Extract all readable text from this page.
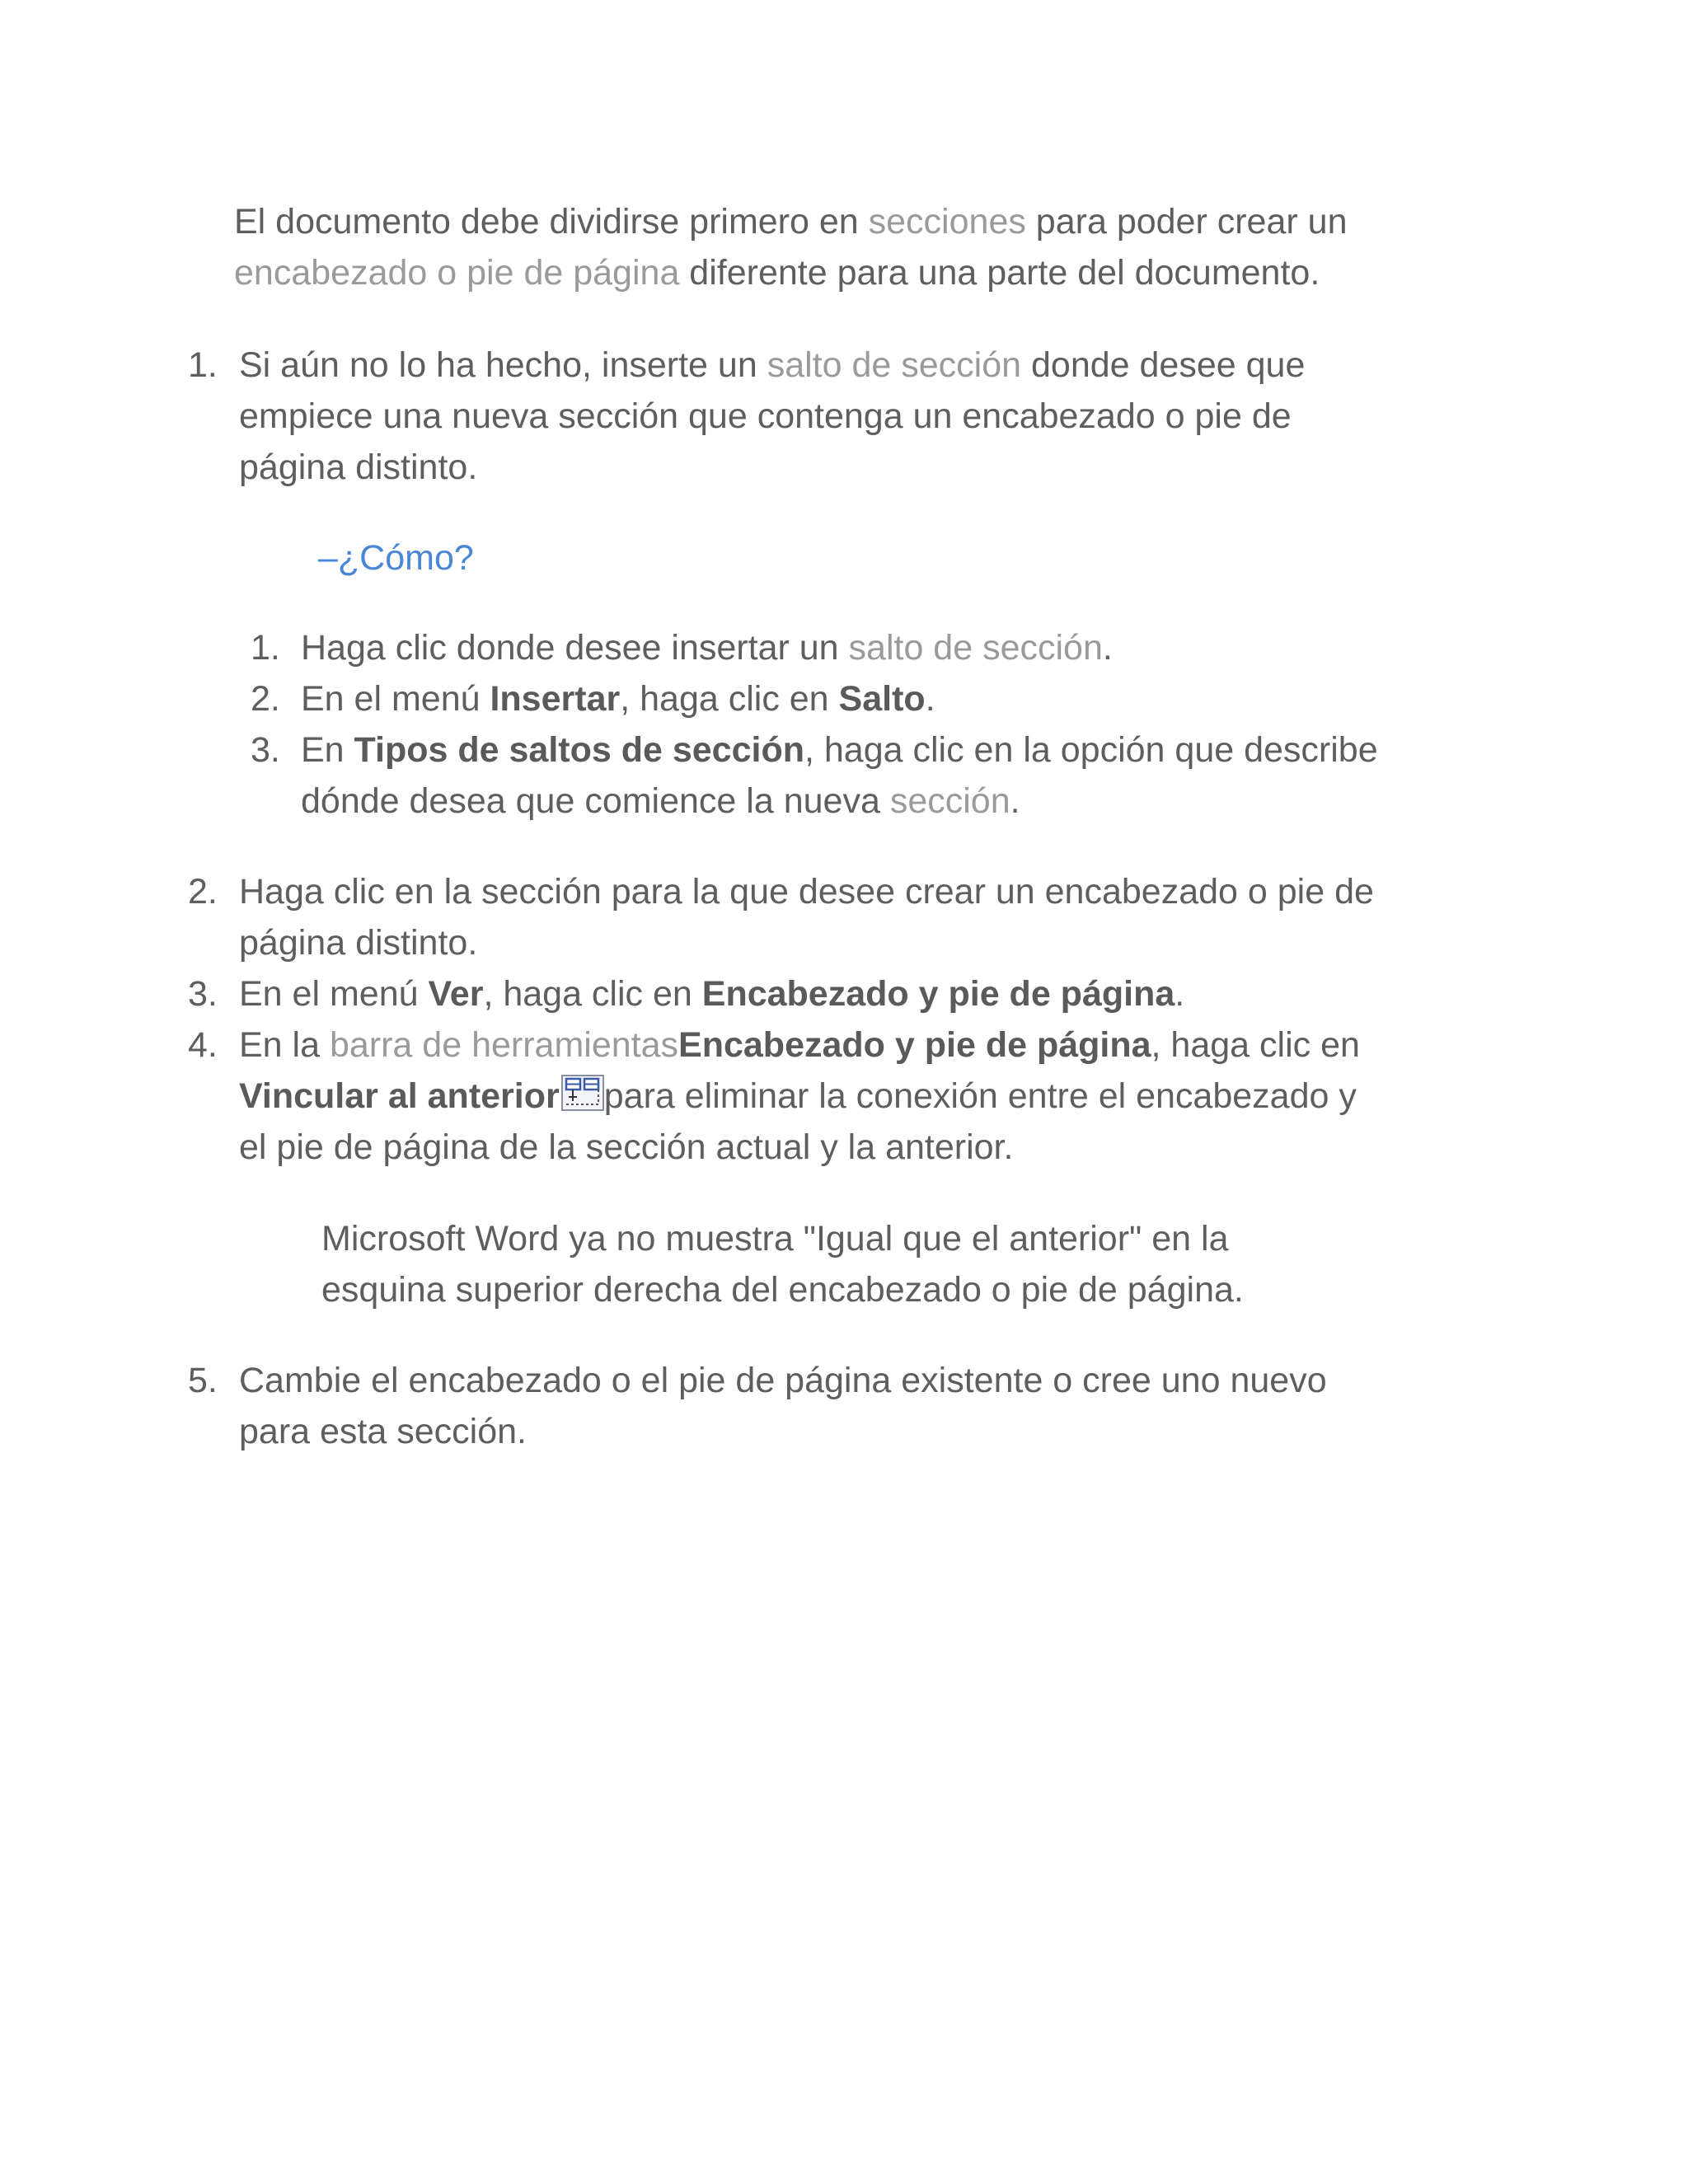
El documento debe dividirse primero en secciones para poder crear un

encabezado o pie de página diferente para una parte del documento.

1. Si aún no lo ha hecho, inserte un salto de sección donde desee que

empiece una nueva sección que contenga un encabezado o pie de

página distinto.

–¿Cómo?

1. Haga clic donde desee insertar un salto de sección.

2. En el menú Insertar, haga clic en Salto.

3. En Tipos de saltos de sección, haga clic en la opción que describe

dónde desea que comience la nueva sección.

2. Haga clic en la sección para la que desee crear un encabezado o pie de

página distinto.

3. En el menú Ver, haga clic en Encabezado y pie de página.

4. En la barra de herramientasEncabezado y pie de página, haga clic en

Vincular al anterior para eliminar la conexión entre el encabezado y

el pie de página de la sección actual y la anterior.

Microsoft Word ya no muestra "Igual que el anterior" en la

esquina superior derecha del encabezado o pie de página.

5. Cambie el encabezado o el pie de página existente o cree uno nuevo

para esta sección.
